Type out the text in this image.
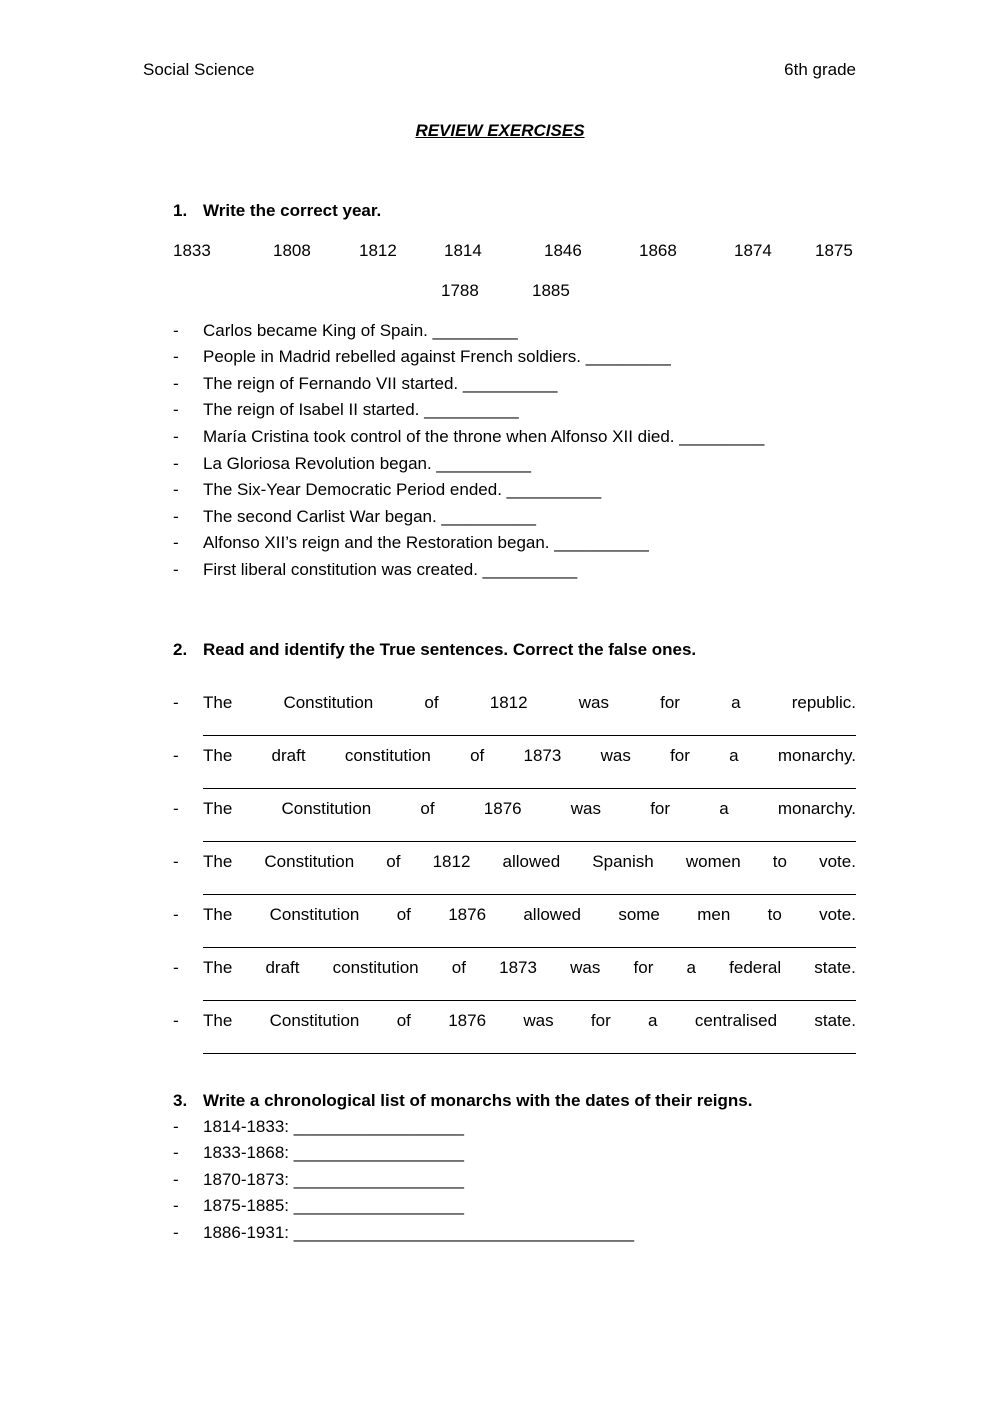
Social Science	6th grade
REVIEW EXERCISES
1. Write the correct year.
1833	1808	1812	1814	1846	1868	1874	1875
1788	1885
- Carlos became King of Spain. _________
- People in Madrid rebelled against French soldiers. _________
- The reign of Fernando VII started. __________
- The reign of Isabel II started. __________
- María Cristina took control of the throne when Alfonso XII died. _________
- La Gloriosa Revolution began. __________
- The Six-Year Democratic Period ended. __________
- The second Carlist War began. __________
- Alfonso XII’s reign and the Restoration began. __________
- First liberal constitution was created. __________
2. Read and identify the True sentences. Correct the false ones.
- The	Constitution	of	1812	was	for	a	republic.
- The draft constitution of 1873 was for a monarchy.
- The	Constitution	of	1876	was	for	a	monarchy.
- The Constitution of 1812 allowed Spanish women to vote.
- The Constitution of 1876 allowed some men to vote.
- The draft constitution of 1873 was for a federal state.
- The Constitution of 1876 was for a centralised state.
3. Write a chronological list of monarchs with the dates of their reigns.
- 1814-1833: __________________
- 1833-1868: __________________
- 1870-1873: __________________
- 1875-1885: __________________
- 1886-1931: ____________________________________
